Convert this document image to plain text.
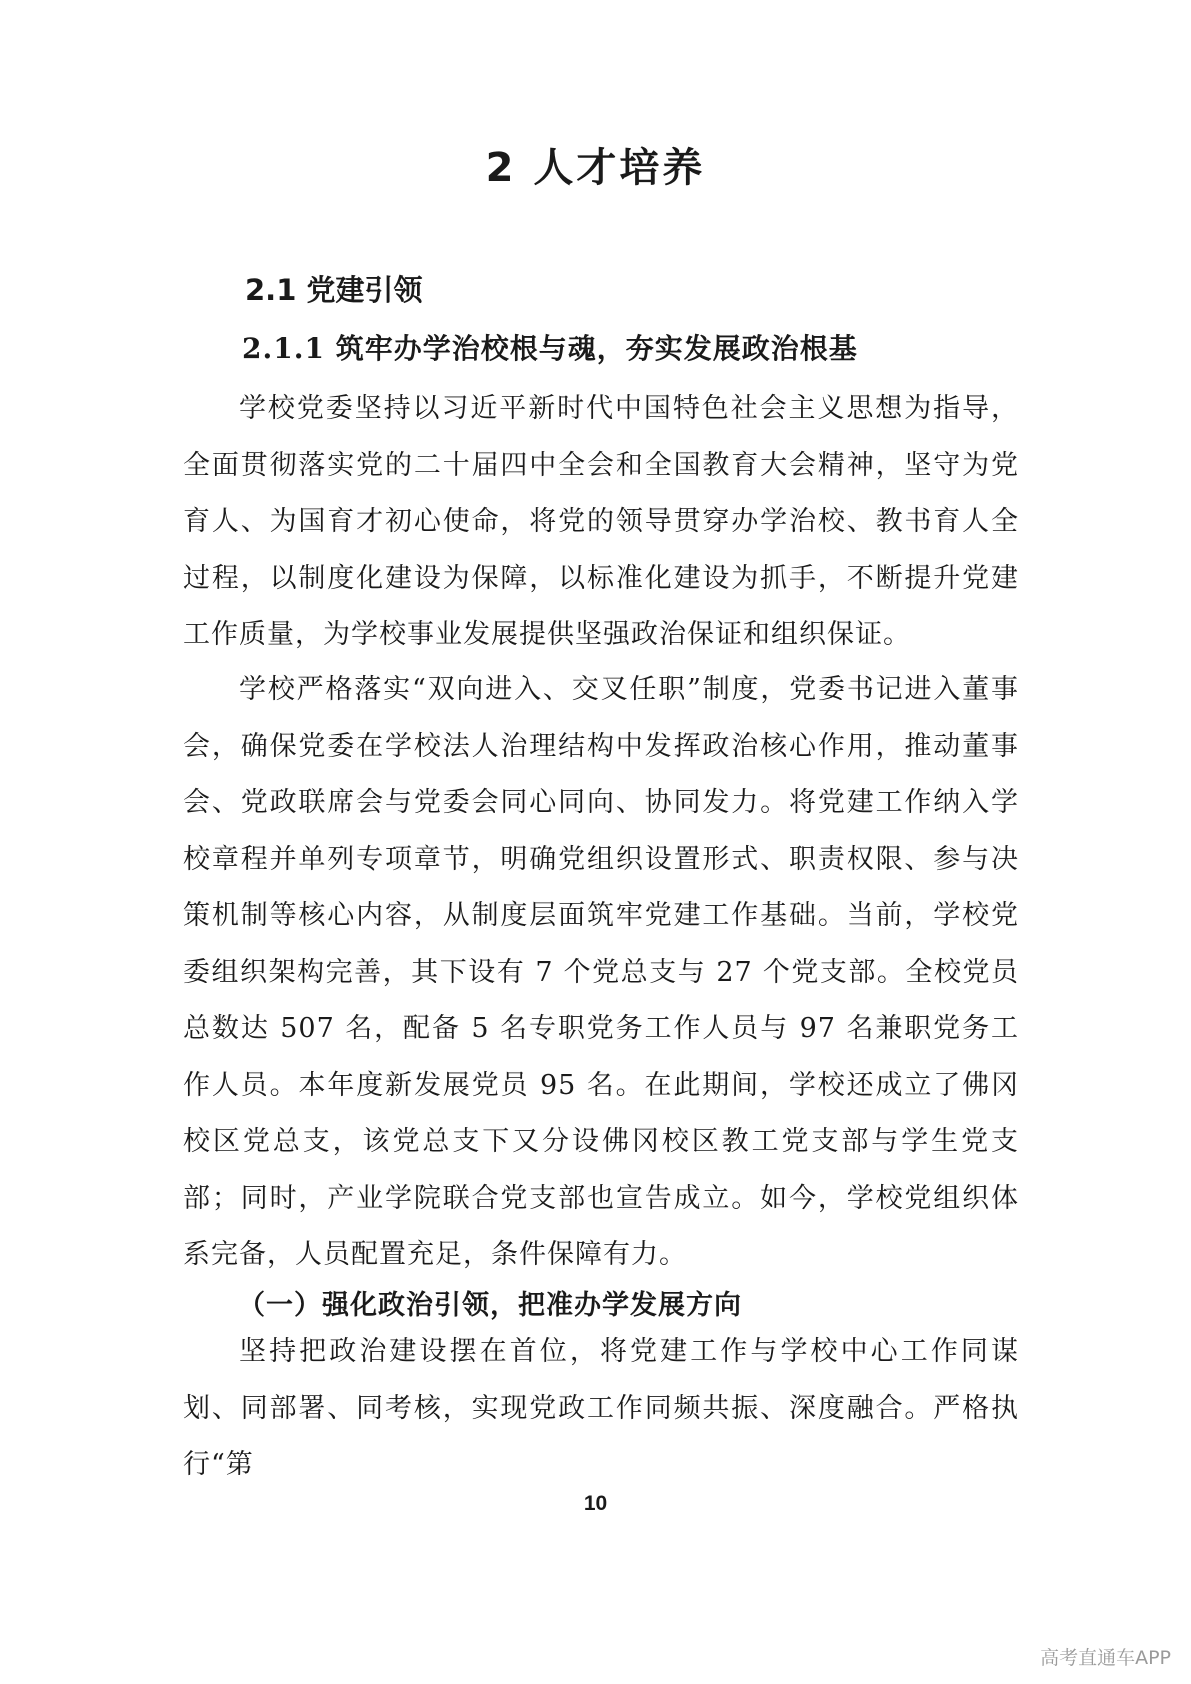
2 人才培养
2.1 党建引领
2.1.1 筑牢办学治校根与魂，夯实发展政治根基

学校党委坚持以习近平新时代中国特色社会主义思想为指导，全面贯彻落实党的二十届四中全会和全国教育大会精神，坚守为党育人、为国育才初心使命，将党的领导贯穿办学治校、教书育人全过程，以制度化建设为保障，以标准化建设为抓手，不断提升党建工作质量，为学校事业发展提供坚强政治保证和组织保证。

学校严格落实“双向进入、交叉任职”制度，党委书记进入董事会，确保党委在学校法人治理结构中发挥政治核心作用，推动董事会、党政联席会与党委会同心同向、协同发力。将党建工作纳入学校章程并单列专项章节，明确党组织设置形式、职责权限、参与决策机制等核心内容，从制度层面筑牢党建工作基础。当前，学校党委组织架构完善，其下设有 7 个党总支与 27 个党支部。全校党员总数达 507 名，配备 5 名专职党务工作人员与 97 名兼职党务工作人员。本年度新发展党员 95 名。在此期间，学校还成立了佛冈校区党总支，该党总支下又分设佛冈校区教工党支部与学生党支部；同时，产业学院联合党支部也宣告成立。如今，学校党组织体系完备，人员配置充足，条件保障有力。

（一）强化政治引领，把准办学发展方向

坚持把政治建设摆在首位，将党建工作与学校中心工作同谋划、同部署、同考核，实现党政工作同频共振、深度融合。严格执行“第

10
高考直通车APP
